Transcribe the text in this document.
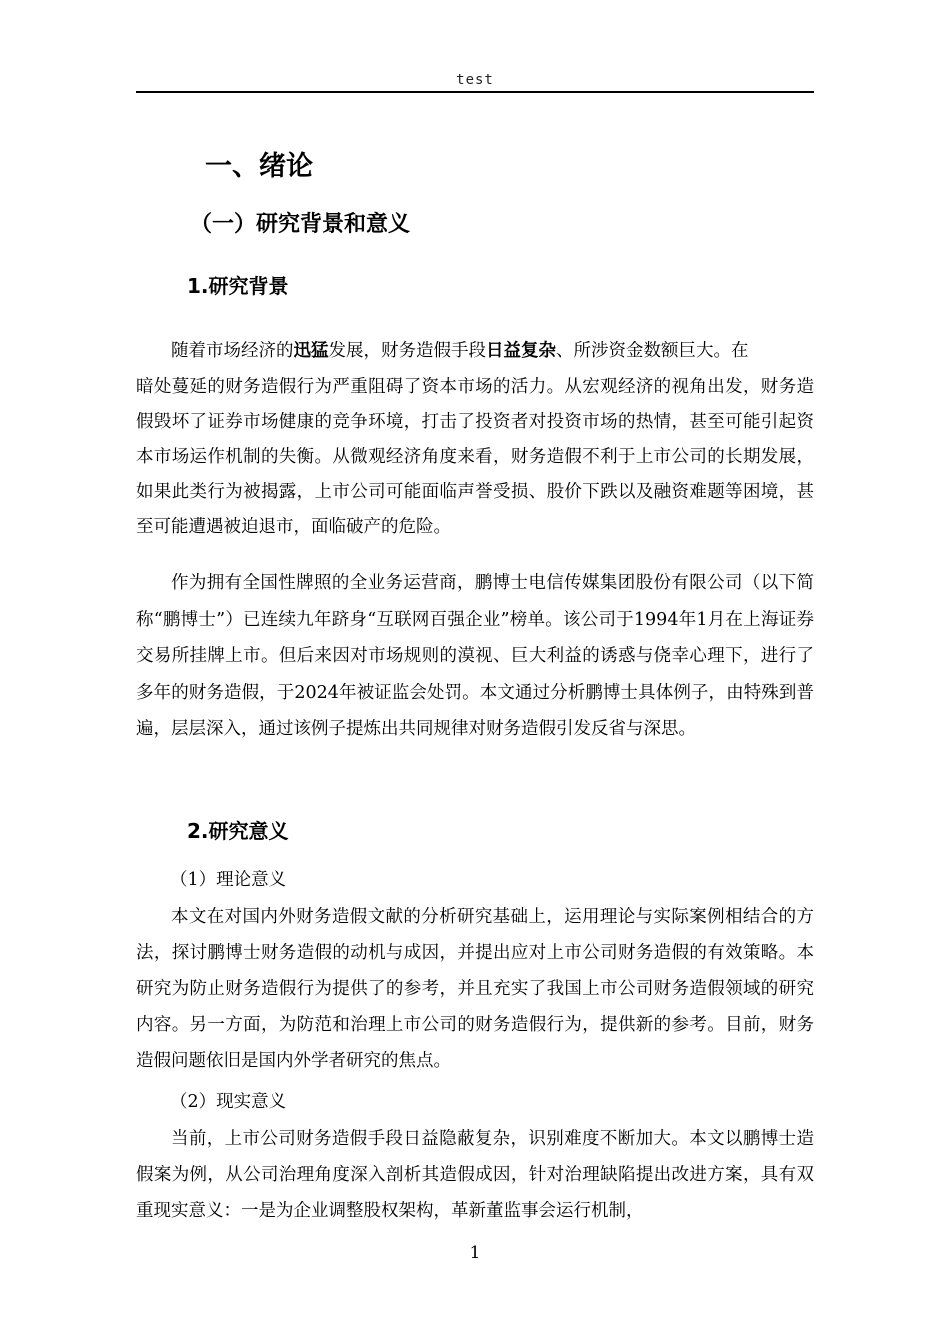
test
一、绪论
（一）研究背景和意义
1.研究背景

随着市场经济的迅猛发展，财务造假手段日益复杂、所涉资金数额巨大。在

暗处蔓延的财务造假行为严重阻碍了资本市场的活力。从宏观经济的视角出发，财务造假毁坏了证券市场健康的竞争环境，打击了投资者对投资市场的热情，甚至可能引起资本市场运作机制的失衡。从微观经济角度来看，财务造假不利于上市公司的长期发展，如果此类行为被揭露，上市公司可能面临声誉受损、股价下跌以及融资难题等困境，甚至可能遭遇被迫退市，面临破产的危险。

作为拥有全国性牌照的全业务运营商，鹏博士电信传媒集团股份有限公司（以下简称“鹏博士”）已连续九年跻身“互联网百强企业”榜单。该公司于1994年1月在上海证券交易所挂牌上市。但后来因对市场规则的漠视、巨大利益的诱惑与侥幸心理下，进行了多年的财务造假，于2024年被证监会处罚。本文通过分析鹏博士具体例子，由特殊到普遍，层层深入，通过该例子提炼出共同规律对财务造假引发反省与深思。

2.研究意义

（1）理论意义

本文在对国内外财务造假文献的分析研究基础上，运用理论与实际案例相结合的方法，探讨鹏博士财务造假的动机与成因，并提出应对上市公司财务造假的有效策略。本研究为防止财务造假行为提供了的参考，并且充实了我国上市公司财务造假领域的研究内容。另一方面，为防范和治理上市公司的财务造假行为，提供新的参考。目前，财务造假问题依旧是国内外学者研究的焦点。

（2）现实意义

当前，上市公司财务造假手段日益隐蔽复杂，识别难度不断加大。本文以鹏博士造假案为例，从公司治理角度深入剖析其造假成因，针对治理缺陷提出改进方案，具有双重现实意义：一是为企业调整股权架构，革新董监事会运行机制，

1
